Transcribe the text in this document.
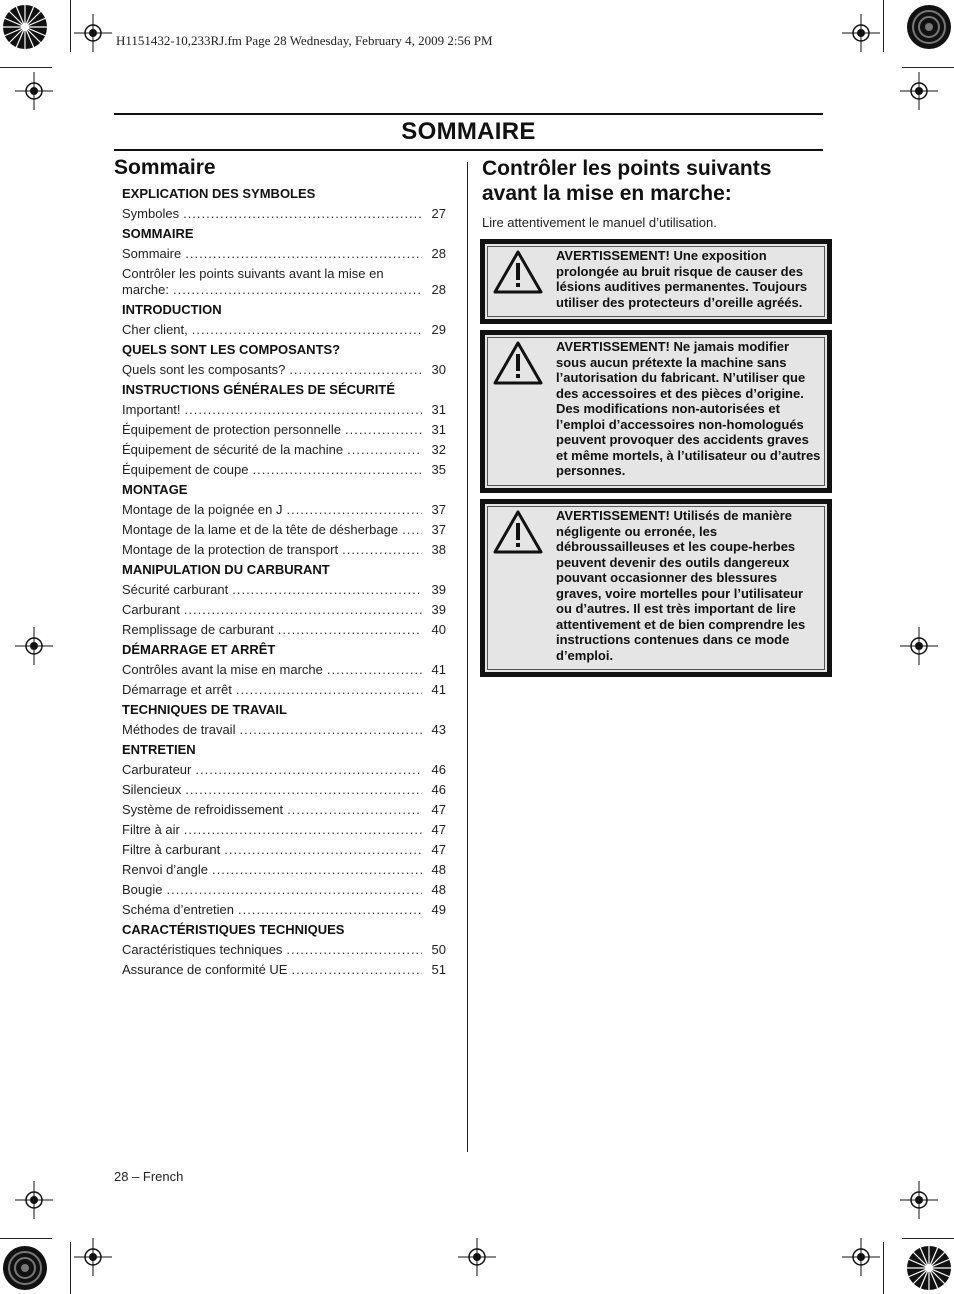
H1151432-10,233RJ.fm Page 28 Wednesday, February 4, 2009 2:56 PM
SOMMAIRE
Sommaire
EXPLICATION DES SYMBOLES
Symboles .....	27
SOMMAIRE
Sommaire .....	28
Contrôler les points suivants avant la mise en
marche: .....	28
INTRODUCTION
Cher client, .....	29
QUELS SONT LES COMPOSANTS?
Quels sont les composants? .....	30
INSTRUCTIONS GÉNÉRALES DE SÉCURITÉ
Important! .....	31
Équipement de protection personnelle .....	31
Équipement de sécurité de la machine .....	32
Équipement de coupe .....	35
MONTAGE
Montage de la poignée en J .....	37
Montage de la lame et de la tête de désherbage .....	37
Montage de la protection de transport .....	38
MANIPULATION DU CARBURANT
Sécurité carburant .....	39
Carburant .....	39
Remplissage de carburant .....	40
DÉMARRAGE ET ARRÊT
Contrôles avant la mise en marche .....	41
Démarrage et arrêt .....	41
TECHNIQUES DE TRAVAIL
Méthodes de travail .....	43
ENTRETIEN
Carburateur .....	46
Silencieux .....	46
Système de refroidissement .....	47
Filtre à air .....	47
Filtre à carburant .....	47
Renvoi d’angle .....	48
Bougie .....	48
Schéma d’entretien .....	49
CARACTÉRISTIQUES TECHNIQUES
Caractéristiques techniques .....	50
Assurance de conformité UE .....	51
Contrôler les points suivants avant la mise en marche:
Lire attentivement le manuel d’utilisation.
AVERTISSEMENT! Une exposition prolongée au bruit risque de causer des lésions auditives permanentes. Toujours utiliser des protecteurs d’oreille agréés.
AVERTISSEMENT! Ne jamais modifier sous aucun prétexte la machine sans l’autorisation du fabricant. N’utiliser que des accessoires et des pièces d’origine. Des modifications non-autorisées et l’emploi d’accessoires non-homologués peuvent provoquer des accidents graves et même mortels, à l’utilisateur ou d’autres personnes.
AVERTISSEMENT! Utilisés de manière négligente ou erronée, les débroussailleuses et les coupe-herbes peuvent devenir des outils dangereux pouvant occasionner des blessures graves, voire mortelles pour l’utilisateur ou d’autres. Il est très important de lire attentivement et de bien comprendre les instructions contenues dans ce mode d’emploi.
28 – French
